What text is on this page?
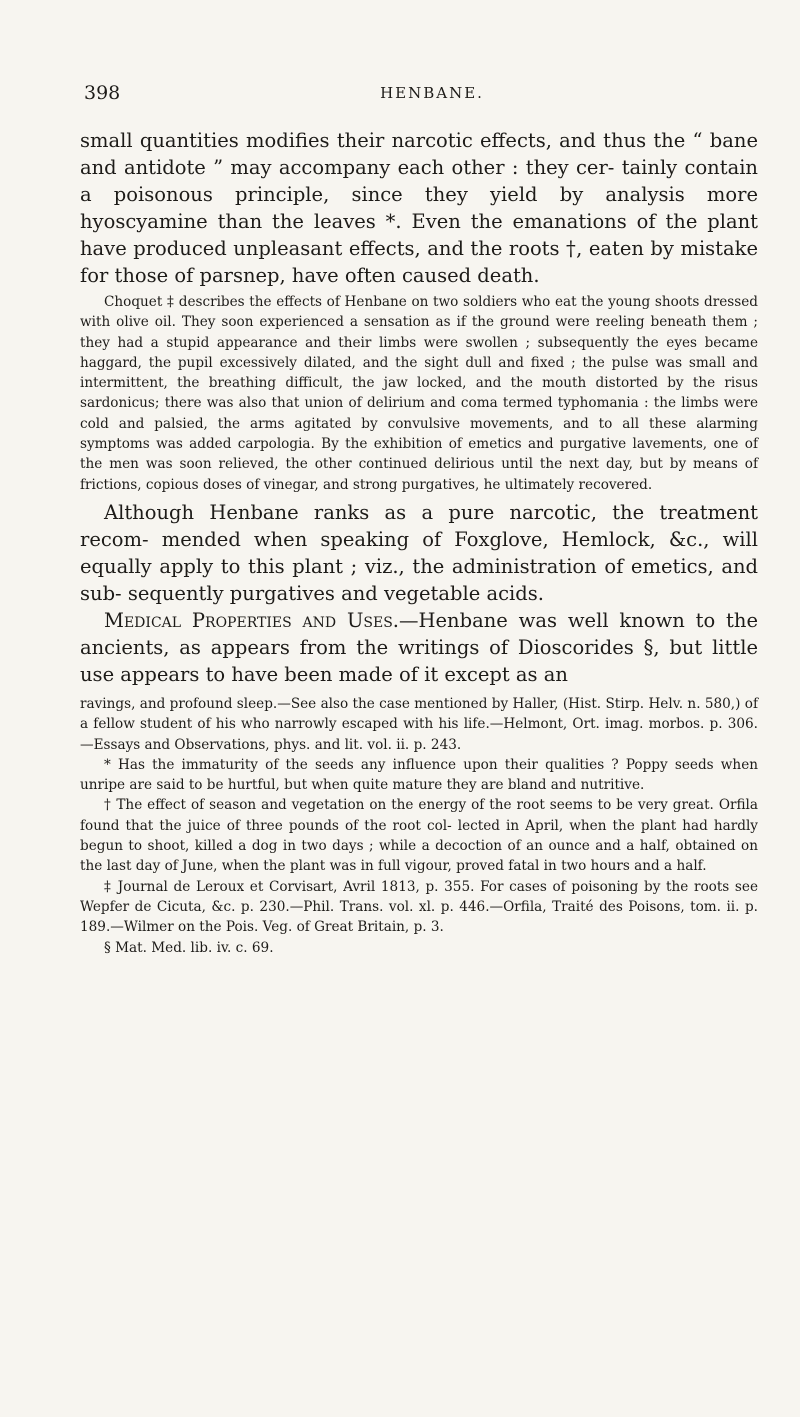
398	HENBANE.

small quantities modifies their narcotic effects, and thus the “ bane and antidote ” may accompany each other : they cer- tainly contain a poisonous principle, since they yield by analysis more hyoscyamine than the leaves *. Even the emanations of the plant have produced unpleasant effects, and the roots †, eaten by mistake for those of parsnep, have often caused death.

Choquet ‡ describes the effects of Henbane on two soldiers who eat the young shoots dressed with olive oil. They soon experienced a sensation as if the ground were reeling beneath them ; they had a stupid appearance and their limbs were swollen ; subsequently the eyes became haggard, the pupil excessively dilated, and the sight dull and fixed ; the pulse was small and intermittent, the breathing difficult, the jaw locked, and the mouth distorted by the risus sardonicus; there was also that union of delirium and coma termed typhomania : the limbs were cold and palsied, the arms agitated by convulsive movements, and to all these alarming symptoms was added carpologia. By the exhibition of emetics and purgative lavements, one of the men was soon relieved, the other continued delirious until the next day, but by means of frictions, copious doses of vinegar, and strong purgatives, he ultimately recovered.

Although Henbane ranks as a pure narcotic, the treatment recom- mended when speaking of Foxglove, Hemlock, &c., will equally apply to this plant ; viz., the administration of emetics, and sub- sequently purgatives and vegetable acids.

Medical Properties and Uses.—Henbane was well known to the ancients, as appears from the writings of Dioscorides §, but little use appears to have been made of it except as an

ravings, and profound sleep.—See also the case mentioned by Haller, (Hist. Stirp. Helv. n. 580,) of a fellow student of his who narrowly escaped with his life.—Helmont, Ort. imag. morbos. p. 306.—Essays and Observations, phys. and lit. vol. ii. p. 243.

* Has the immaturity of the seeds any influence upon their qualities ? Poppy seeds when unripe are said to be hurtful, but when quite mature they are bland and nutritive.

† The effect of season and vegetation on the energy of the root seems to be very great. Orfila found that the juice of three pounds of the root col- lected in April, when the plant had hardly begun to shoot, killed a dog in two days ; while a decoction of an ounce and a half, obtained on the last day of June, when the plant was in full vigour, proved fatal in two hours and a half.

‡ Journal de Leroux et Corvisart, Avril 1813, p. 355. For cases of poisoning by the roots see Wepfer de Cicuta, &c. p. 230.—Phil. Trans. vol. xl. p. 446.—Orfila, Traité des Poisons, tom. ii. p. 189.—Wilmer on the Pois. Veg. of Great Britain, p. 3.

§ Mat. Med. lib. iv. c. 69.
